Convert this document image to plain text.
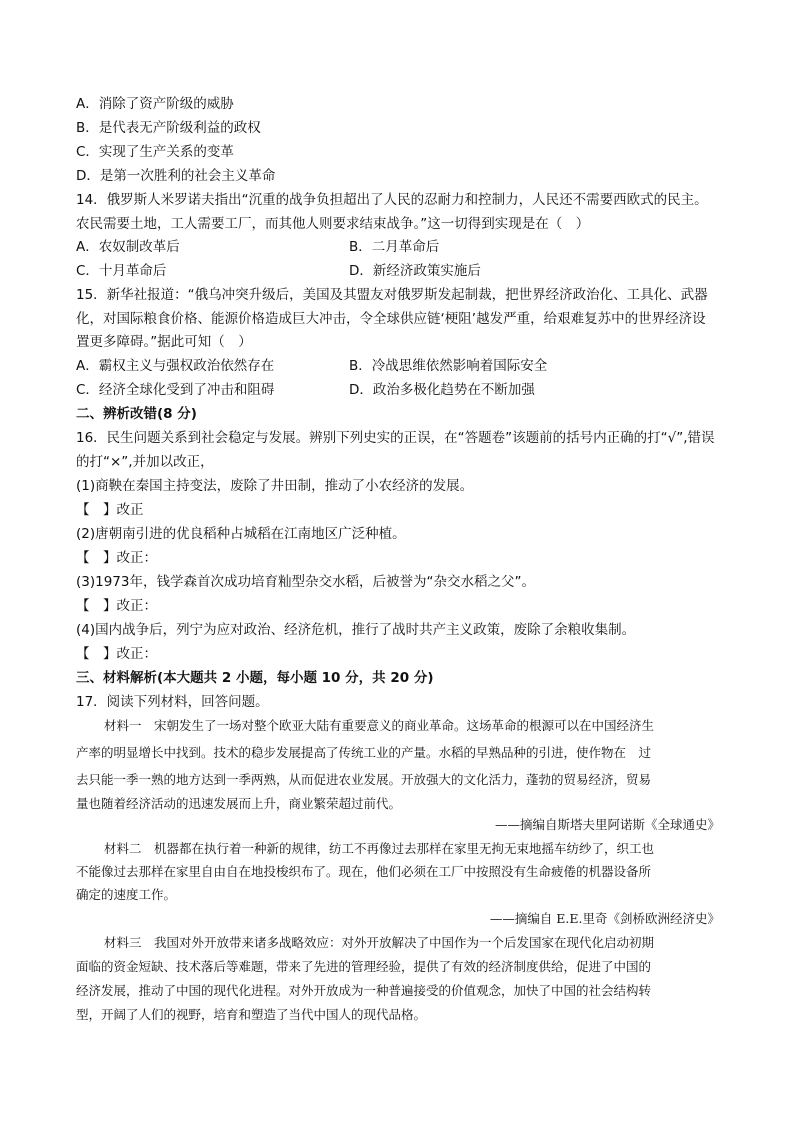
A．消除了资产阶级的威胁
B．是代表无产阶级利益的政权
C．实现了生产关系的变革
D．是第一次胜利的社会主义革命
14．俄罗斯人米罗诺夫指出“沉重的战争负担超出了人民的忍耐力和控制力，人民还不需要西欧式的民主。
农民需要土地，工人需要工厂，而其他人则要求结束战争。”这一切得到实现是在（　）
A．农奴制改革后	B．二月革命后
C．十月革命后	D．新经济政策实施后
15．新华社报道：“俄乌冲突升级后，美国及其盟友对俄罗斯发起制裁，把世界经济政治化、工具化、武器
化，对国际粮食价格、能源价格造成巨大冲击，令全球供应链‘梗阻’越发严重，给艰难复苏中的世界经济设
置更多障碍。”据此可知（　）
A．霸权主义与强权政治依然存在	B．冷战思维依然影响着国际安全
C．经济全球化受到了冲击和阻碍	D．政治多极化趋势在不断加强
二、辨析改错(8 分)
16．民生问题关系到社会稳定与发展。辨别下列史实的正误，在“答题卷”该题前的括号内正确的打“√”,错误
的打“×”,并加以改正，
(1)商鞅在秦国主持变法，废除了井田制，推动了小农经济的发展。
【　】改正
(2)唐朝南引进的优良稻种占城稻在江南地区广泛种植。
【　】改正：
(3)1973年，钱学森首次成功培育籼型杂交水稻，后被誉为“杂交水稻之父”。
【　】改正：
(4)国内战争后，列宁为应对政治、经济危机，推行了战时共产主义政策，废除了余粮收集制。
【　】改正：
三、材料解析(本大题共 2 小题，每小题 10 分，共 20 分)
17．阅读下列材料，回答问题。
材料一　宋朝发生了一场对整个欧亚大陆有重要意义的商业革命。这场革命的根源可以在中国经济生
产率的明显增长中找到。技术的稳步发展提高了传统工业的产量。水稻的早熟品种的引进，使作物在　过
去只能一季一熟的地方达到一季两熟，从而促进农业发展。开放强大的文化活力，蓬勃的贸易经济，贸易
量也随着经济活动的迅速发展而上升，商业繁荣超过前代。
——摘编自斯塔夫里阿诺斯《全球通史》
材料二　机器都在执行着一种新的规律，纺工不再像过去那样在家里无拘无束地摇车纺纱了，织工也
不能像过去那样在家里自由自在地投梭织布了。现在，他们必须在工厂中按照没有生命疲倦的机器设备所
确定的速度工作。
——摘编自 E.E.里奇《剑桥欧洲经济史》
材料三　我国对外开放带来诸多战略效应：对外开放解决了中国作为一个后发国家在现代化启动初期
面临的资金短缺、技术落后等难题，带来了先进的管理经验，提供了有效的经济制度供给，促进了中国的
经济发展，推动了中国的现代化进程。对外开放成为一种普遍接受的价值观念，加快了中国的社会结构转
型，开阔了人们的视野，培育和塑造了当代中国人的现代品格。
